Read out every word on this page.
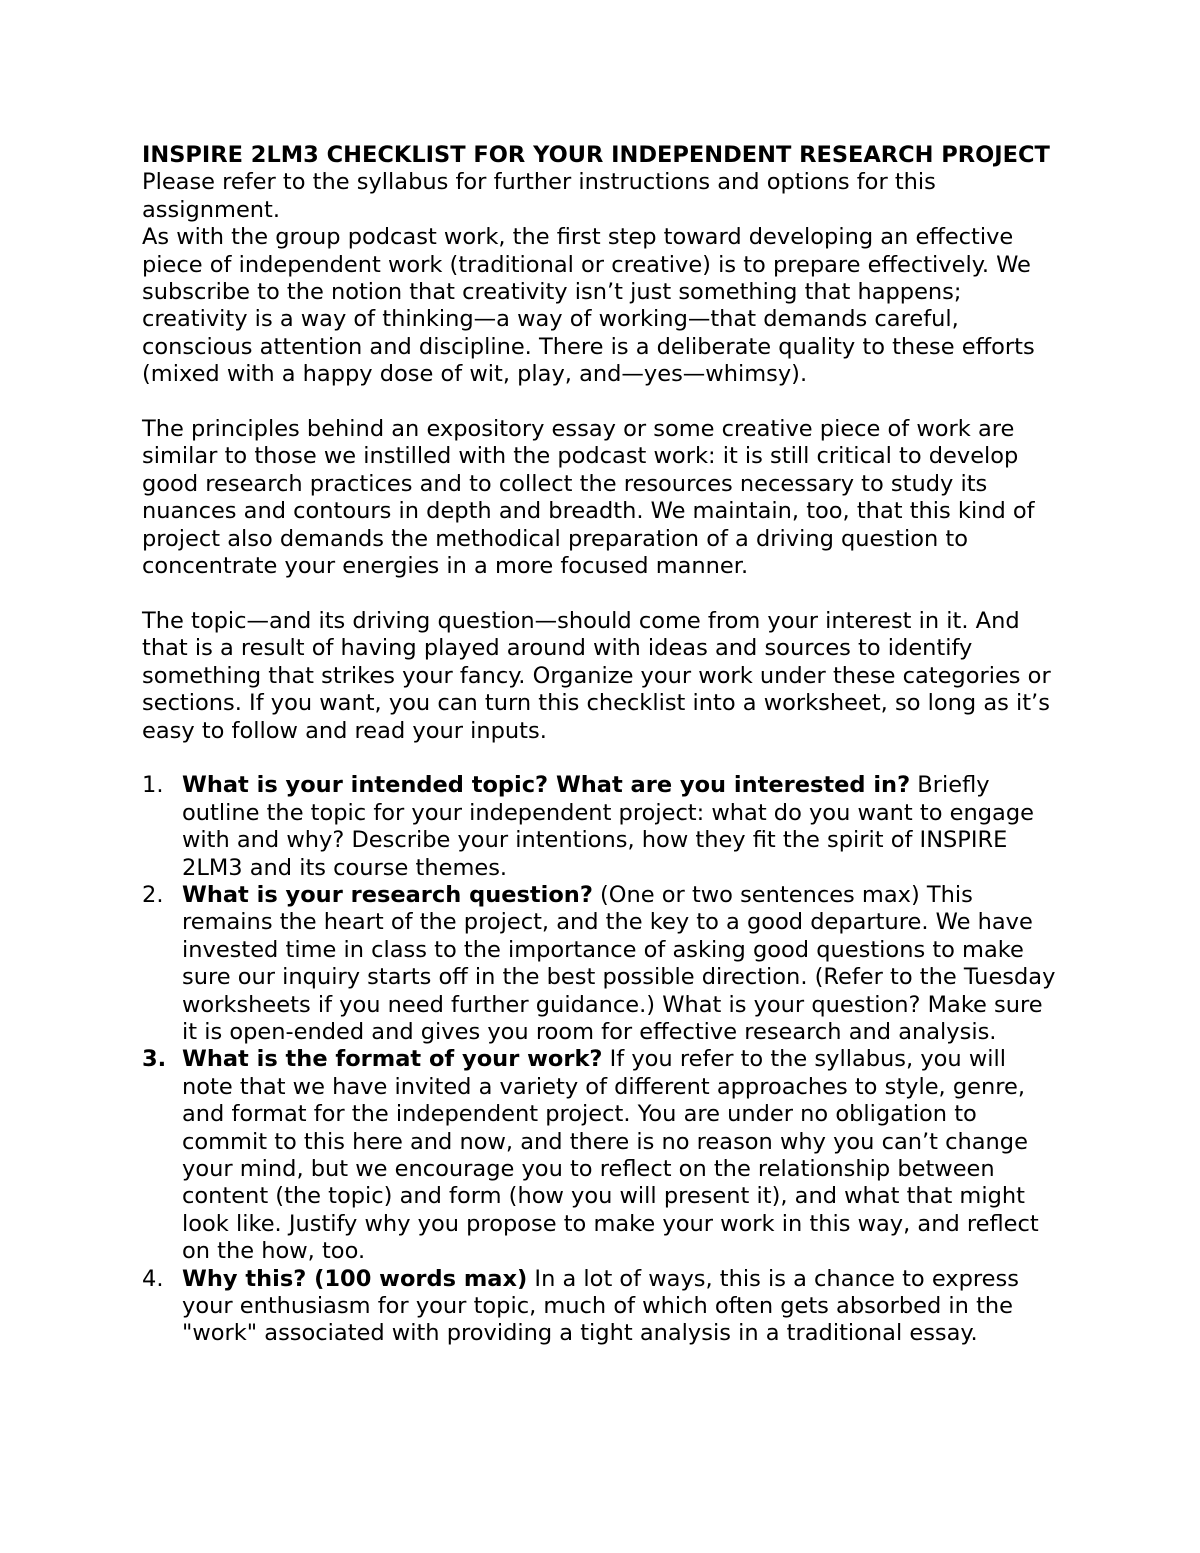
INSPIRE 2LM3 CHECKLIST FOR YOUR INDEPENDENT RESEARCH PROJECT

Please refer to the syllabus for further instructions and options for this assignment.

As with the group podcast work, the first step toward developing an effective piece of independent work (traditional or creative) is to prepare effectively. We subscribe to the notion that creativity isn’t just something that happens; creativity is a way of thinking—a way of working—that demands careful, conscious attention and discipline. There is a deliberate quality to these efforts (mixed with a happy dose of wit, play, and—yes—whimsy).

The principles behind an expository essay or some creative piece of work are similar to those we instilled with the podcast work: it is still critical to develop good research practices and to collect the resources necessary to study its nuances and contours in depth and breadth. We maintain, too, that this kind of project also demands the methodical preparation of a driving question to concentrate your energies in a more focused manner.

The topic—and its driving question—should come from your interest in it. And that is a result of having played around with ideas and sources to identify something that strikes your fancy. Organize your work under these categories or sections. If you want, you can turn this checklist into a worksheet, so long as it’s easy to follow and read your inputs.

1. What is your intended topic? What are you interested in? Briefly outline the topic for your independent project: what do you want to engage with and why? Describe your intentions, how they fit the spirit of INSPIRE 2LM3 and its course themes.
2. What is your research question? (One or two sentences max) This remains the heart of the project, and the key to a good departure. We have invested time in class to the importance of asking good questions to make sure our inquiry starts off in the best possible direction. (Refer to the Tuesday worksheets if you need further guidance.) What is your question? Make sure it is open-ended and gives you room for effective research and analysis.
3. What is the format of your work? If you refer to the syllabus, you will note that we have invited a variety of different approaches to style, genre, and format for the independent project. You are under no obligation to commit to this here and now, and there is no reason why you can’t change your mind, but we encourage you to reflect on the relationship between content (the topic) and form (how you will present it), and what that might look like. Justify why you propose to make your work in this way, and reflect on the how, too.
4. Why this? (100 words max) In a lot of ways, this is a chance to express your enthusiasm for your topic, much of which often gets absorbed in the "work" associated with providing a tight analysis in a traditional essay.
